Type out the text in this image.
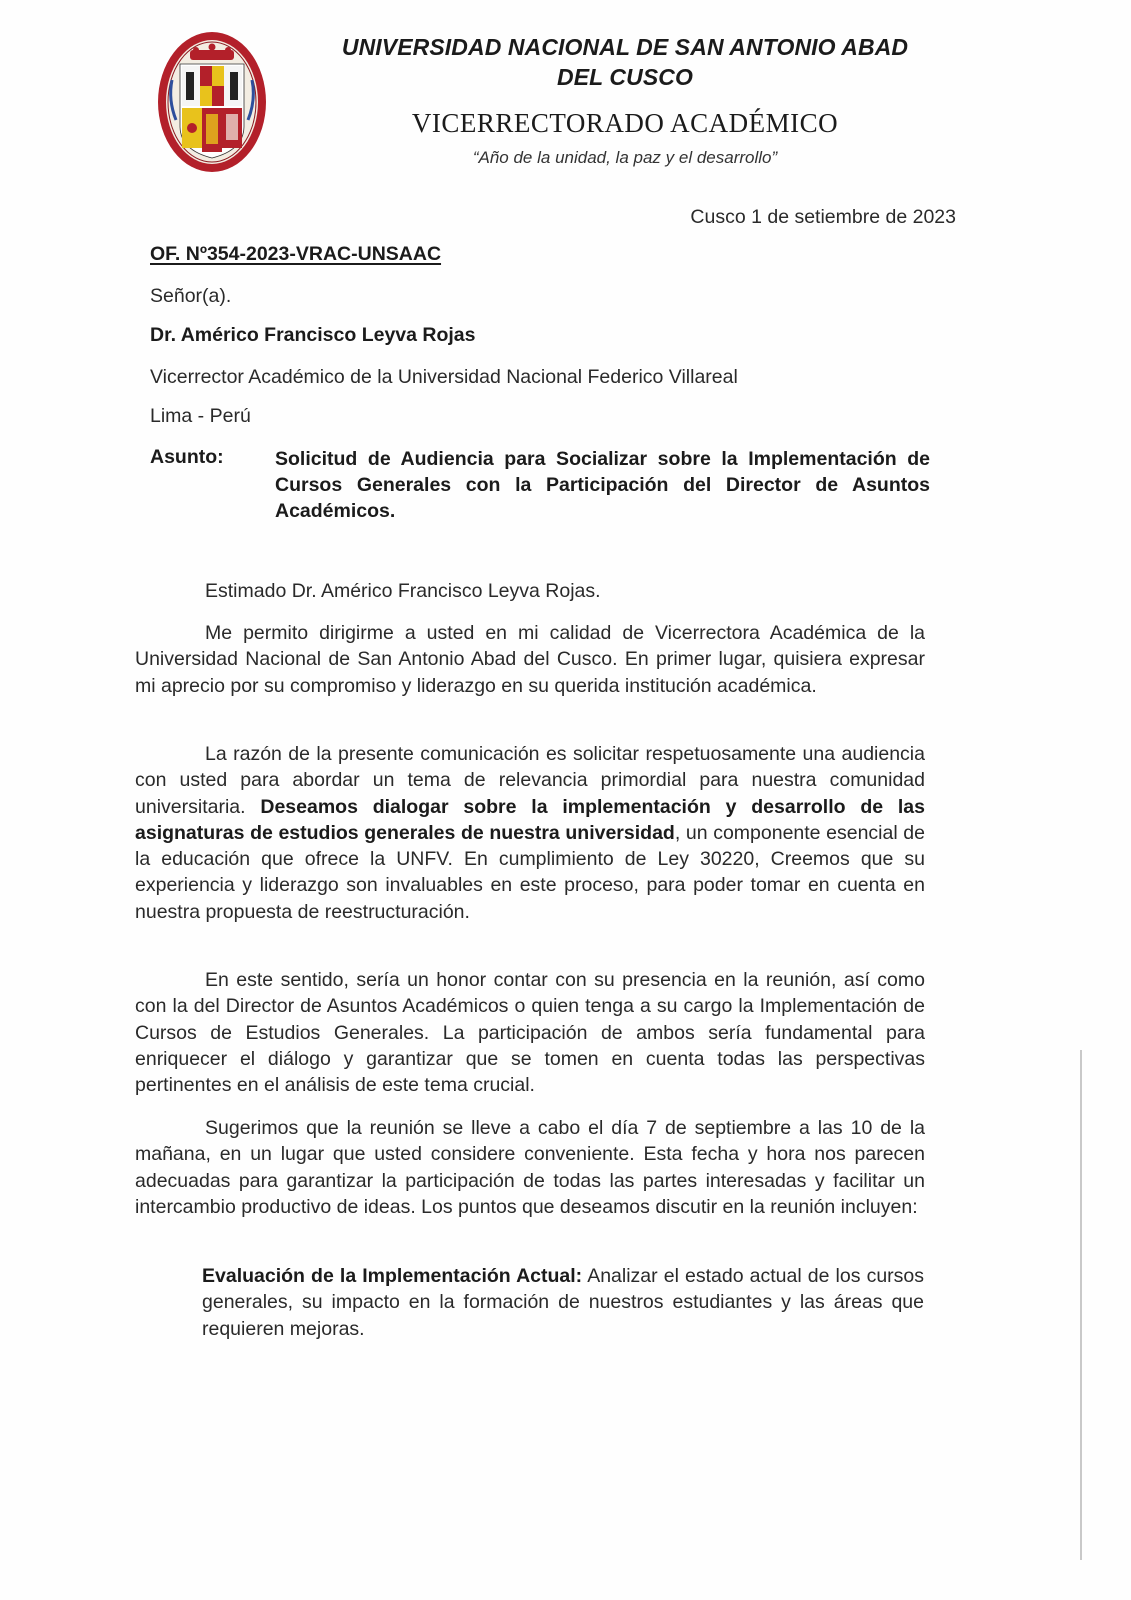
UNIVERSIDAD NACIONAL DE SAN ANTONIO ABAD
DEL CUSCO
VICERRECTORADO ACADÉMICO
“Año de la unidad, la paz y el desarrollo”
Cusco 1 de setiembre de 2023
OF. Nº354-2023-VRAC-UNSAAC
Señor(a).
Dr. Américo Francisco Leyva Rojas
Vicerrector Académico de la Universidad Nacional Federico Villareal
Lima - Perú
Asunto:	Solicitud de Audiencia para Socializar sobre la Implementación de Cursos Generales con la Participación del Director de Asuntos Académicos.
Estimado Dr. Américo Francisco Leyva Rojas.

Me permito dirigirme a usted en mi calidad de Vicerrectora Académica de la Universidad Nacional de San Antonio Abad del Cusco. En primer lugar, quisiera expresar mi aprecio por su compromiso y liderazgo en su querida institución académica.

La razón de la presente comunicación es solicitar respetuosamente una audiencia con usted para abordar un tema de relevancia primordial para nuestra comunidad universitaria. Deseamos dialogar sobre la implementación y desarrollo de las asignaturas de estudios generales de nuestra universidad, un componente esencial de la educación que ofrece la UNFV. En cumplimiento de Ley 30220, Creemos que su experiencia y liderazgo son invaluables en este proceso, para poder tomar en cuenta en nuestra propuesta de reestructuración.

En este sentido, sería un honor contar con su presencia en la reunión, así como con la del Director de Asuntos Académicos o quien tenga a su cargo la Implementación de Cursos de Estudios Generales. La participación de ambos sería fundamental para enriquecer el diálogo y garantizar que se tomen en cuenta todas las perspectivas pertinentes en el análisis de este tema crucial.

Sugerimos que la reunión se lleve a cabo el día 7 de septiembre a las 10 de la mañana, en un lugar que usted considere conveniente. Esta fecha y hora nos parecen adecuadas para garantizar la participación de todas las partes interesadas y facilitar un intercambio productivo de ideas. Los puntos que deseamos discutir en la reunión incluyen:

Evaluación de la Implementación Actual: Analizar el estado actual de los cursos generales, su impacto en la formación de nuestros estudiantes y las áreas que requieren mejoras.
